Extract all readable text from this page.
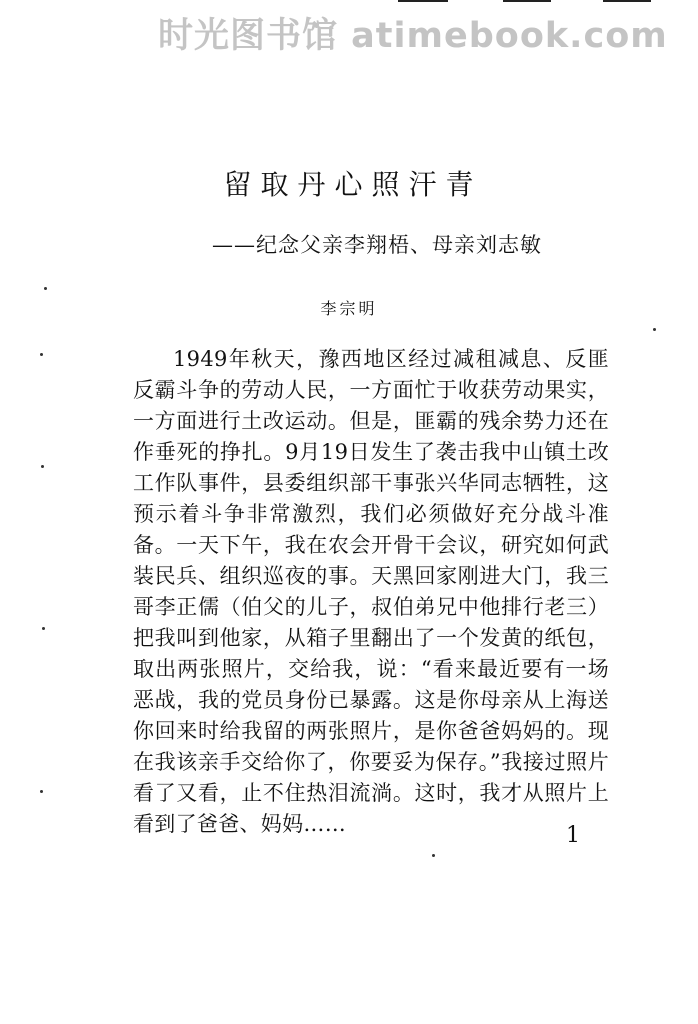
时光图书馆 atimebook.com
留取丹心照汗青
——纪念父亲李翔梧、母亲刘志敏
李宗明
1949年秋天，豫西地区经过减租减息、反匪反霸斗争的劳动人民，一方面忙于收获劳动果实，一方面进行土改运动。但是，匪霸的残余势力还在作垂死的挣扎。9月19日发生了袭击我中山镇土改工作队事件，县委组织部干事张兴华同志牺牲，这预示着斗争非常激烈，我们必须做好充分战斗准备。一天下午，我在农会开骨干会议，研究如何武装民兵、组织巡夜的事。天黑回家刚进大门，我三哥李正儒（伯父的儿子，叔伯弟兄中他排行老三）把我叫到他家，从箱子里翻出了一个发黄的纸包，取出两张照片，交给我，说：“看来最近要有一场恶战，我的党员身份已暴露。这是你母亲从上海送你回来时给我留的两张照片，是你爸爸妈妈的。现在我该亲手交给你了，你要妥为保存。”我接过照片看了又看，止不住热泪流淌。这时，我才从照片上看到了爸爸、妈妈……	1
